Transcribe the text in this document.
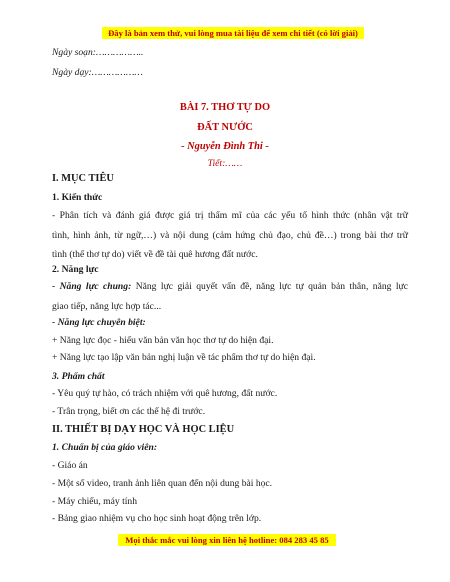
Đây là bản xem thử, vui lòng mua tài liệu để xem chi tiết (có lời giải)
Ngày soạn:……………..
Ngày dạy:………………
BÀI 7. THƠ TỰ DO
ĐẤT NƯỚC
- Nguyễn Đình Thi -
Tiết:……
I. MỤC TIÊU
1. Kiến thức
- Phân tích và đánh giá được giá trị thẩm mĩ của các yếu tố hình thức (nhân vật trữ
tình, hình ảnh, từ ngữ,…) và nội dung (cảm hứng chủ đạo, chủ đề…) trong bài thơ trữ
tình (thể thơ tự do) viết về đề tài quê hương đất nước.
2. Năng lực
- Năng lực chung: Năng lực giải quyết vấn đề, năng lực tự quản bản thân, năng lực
giao tiếp, năng lực hợp tác...
- Năng lực chuyên biệt:
+ Năng lực đọc - hiểu văn bản văn học thơ tự do hiện đại.
+ Năng lực tạo lập văn bản nghị luận về tác phẩm thơ tự do hiện đại.
3. Phẩm chất
- Yêu quý tự hào, có trách nhiệm với quê hương, đất nước.
- Trân trọng, biết ơn các thế hệ đi trước.
II. THIẾT BỊ DẠY HỌC VÀ HỌC LIỆU
1. Chuẩn bị của giáo viên:
- Giáo án
- Một số video, tranh ảnh liên quan đến nội dung bài học.
- Máy chiếu, máy tính
- Bảng giao nhiệm vụ cho học sinh hoạt động trên lớp.
Mọi thắc mắc vui lòng xin liên hệ hotline: 084 283 45 85
